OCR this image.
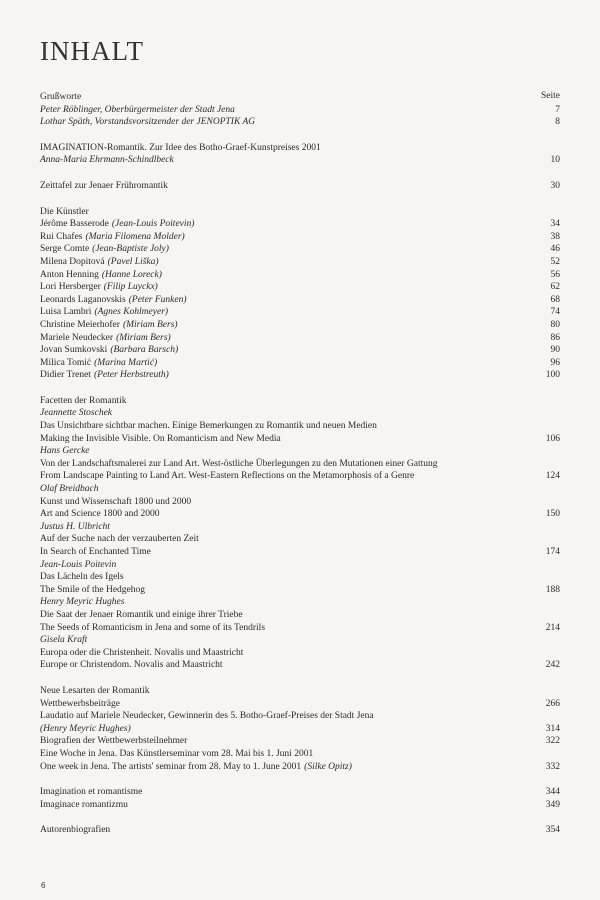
INHALT
Seite
Grußworte
Peter Röblinger, Oberbürgermeister der Stadt Jena	7
Lothar Späth, Vorstandsvorsitzender der JENOPTIK AG	8
IMAGINATION-Romantik. Zur Idee des Botho-Graef-Kunstpreises 2001
Anna-Maria Ehrmann-Schindlbeck	10
Zeittafel zur Jenaer Frühromantik	30
Die Künstler
Jérôme Basserode (Jean-Louis Poitevin)	34
Rui Chafes (Maria Filomena Molder)	38
Serge Comte (Jean-Baptiste Joly)	46
Milena Dopitová (Pavel Liška)	52
Anton Henning (Hanne Loreck)	56
Lori Hersberger (Filip Luyckx)	62
Leonards Laganovskis (Peter Funken)	68
Luisa Lambri (Agnes Kohlmeyer)	74
Christine Meierhofer (Miriam Bers)	80
Mariele Neudecker (Miriam Bers)	86
Jovan Sumkovski (Barbara Barsch)	90
Milica Tomić (Marina Martić)	96
Didier Trenet (Peter Herbstreuth)	100
Facetten der Romantik
Jeannette Stoschek
Das Unsichtbare sichtbar machen. Einige Bemerkungen zu Romantik und neuen Medien
Making the Invisible Visible. On Romanticism and New Media	106
Hans Gercke
Von der Landschaftsmalerei zur Land Art. West-östliche Überlegungen zu den Mutationen einer Gattung
From Landscape Painting to Land Art. West-Eastern Reflections on the Metamorphosis of a Genre	124
Olaf Breidbach
Kunst und Wissenschaft 1800 und 2000
Art and Science 1800 and 2000	150
Justus H. Ulbricht
Auf der Suche nach der verzauberten Zeit
In Search of Enchanted Time	174
Jean-Louis Poitevin
Das Lächeln des Igels
The Smile of the Hedgehog	188
Henry Meyric Hughes
Die Saat der Jenaer Romantik und einige ihrer Triebe
The Seeds of Romanticism in Jena and some of its Tendrils	214
Gisela Kraft
Europa oder die Christenheit. Novalis und Maastricht
Europe or Christendom. Novalis and Maastricht	242
Neue Lesarten der Romantik
Wettbewerbsbeiträge	266
Laudatio auf Mariele Neudecker, Gewinnerin des 5. Botho-Graef-Preises der Stadt Jena
(Henry Meyric Hughes)	314
Biografien der Wettbewerbsteilnehmer	322
Eine Woche in Jena. Das Künstlerseminar vom 28. Mai bis 1. Juni 2001
One week in Jena. The artists' seminar from 28. May to 1. June 2001 (Silke Opitz)	332
Imagination et romantisme	344
Imaginace romantizmu	349
Autorenbiografien	354
6
